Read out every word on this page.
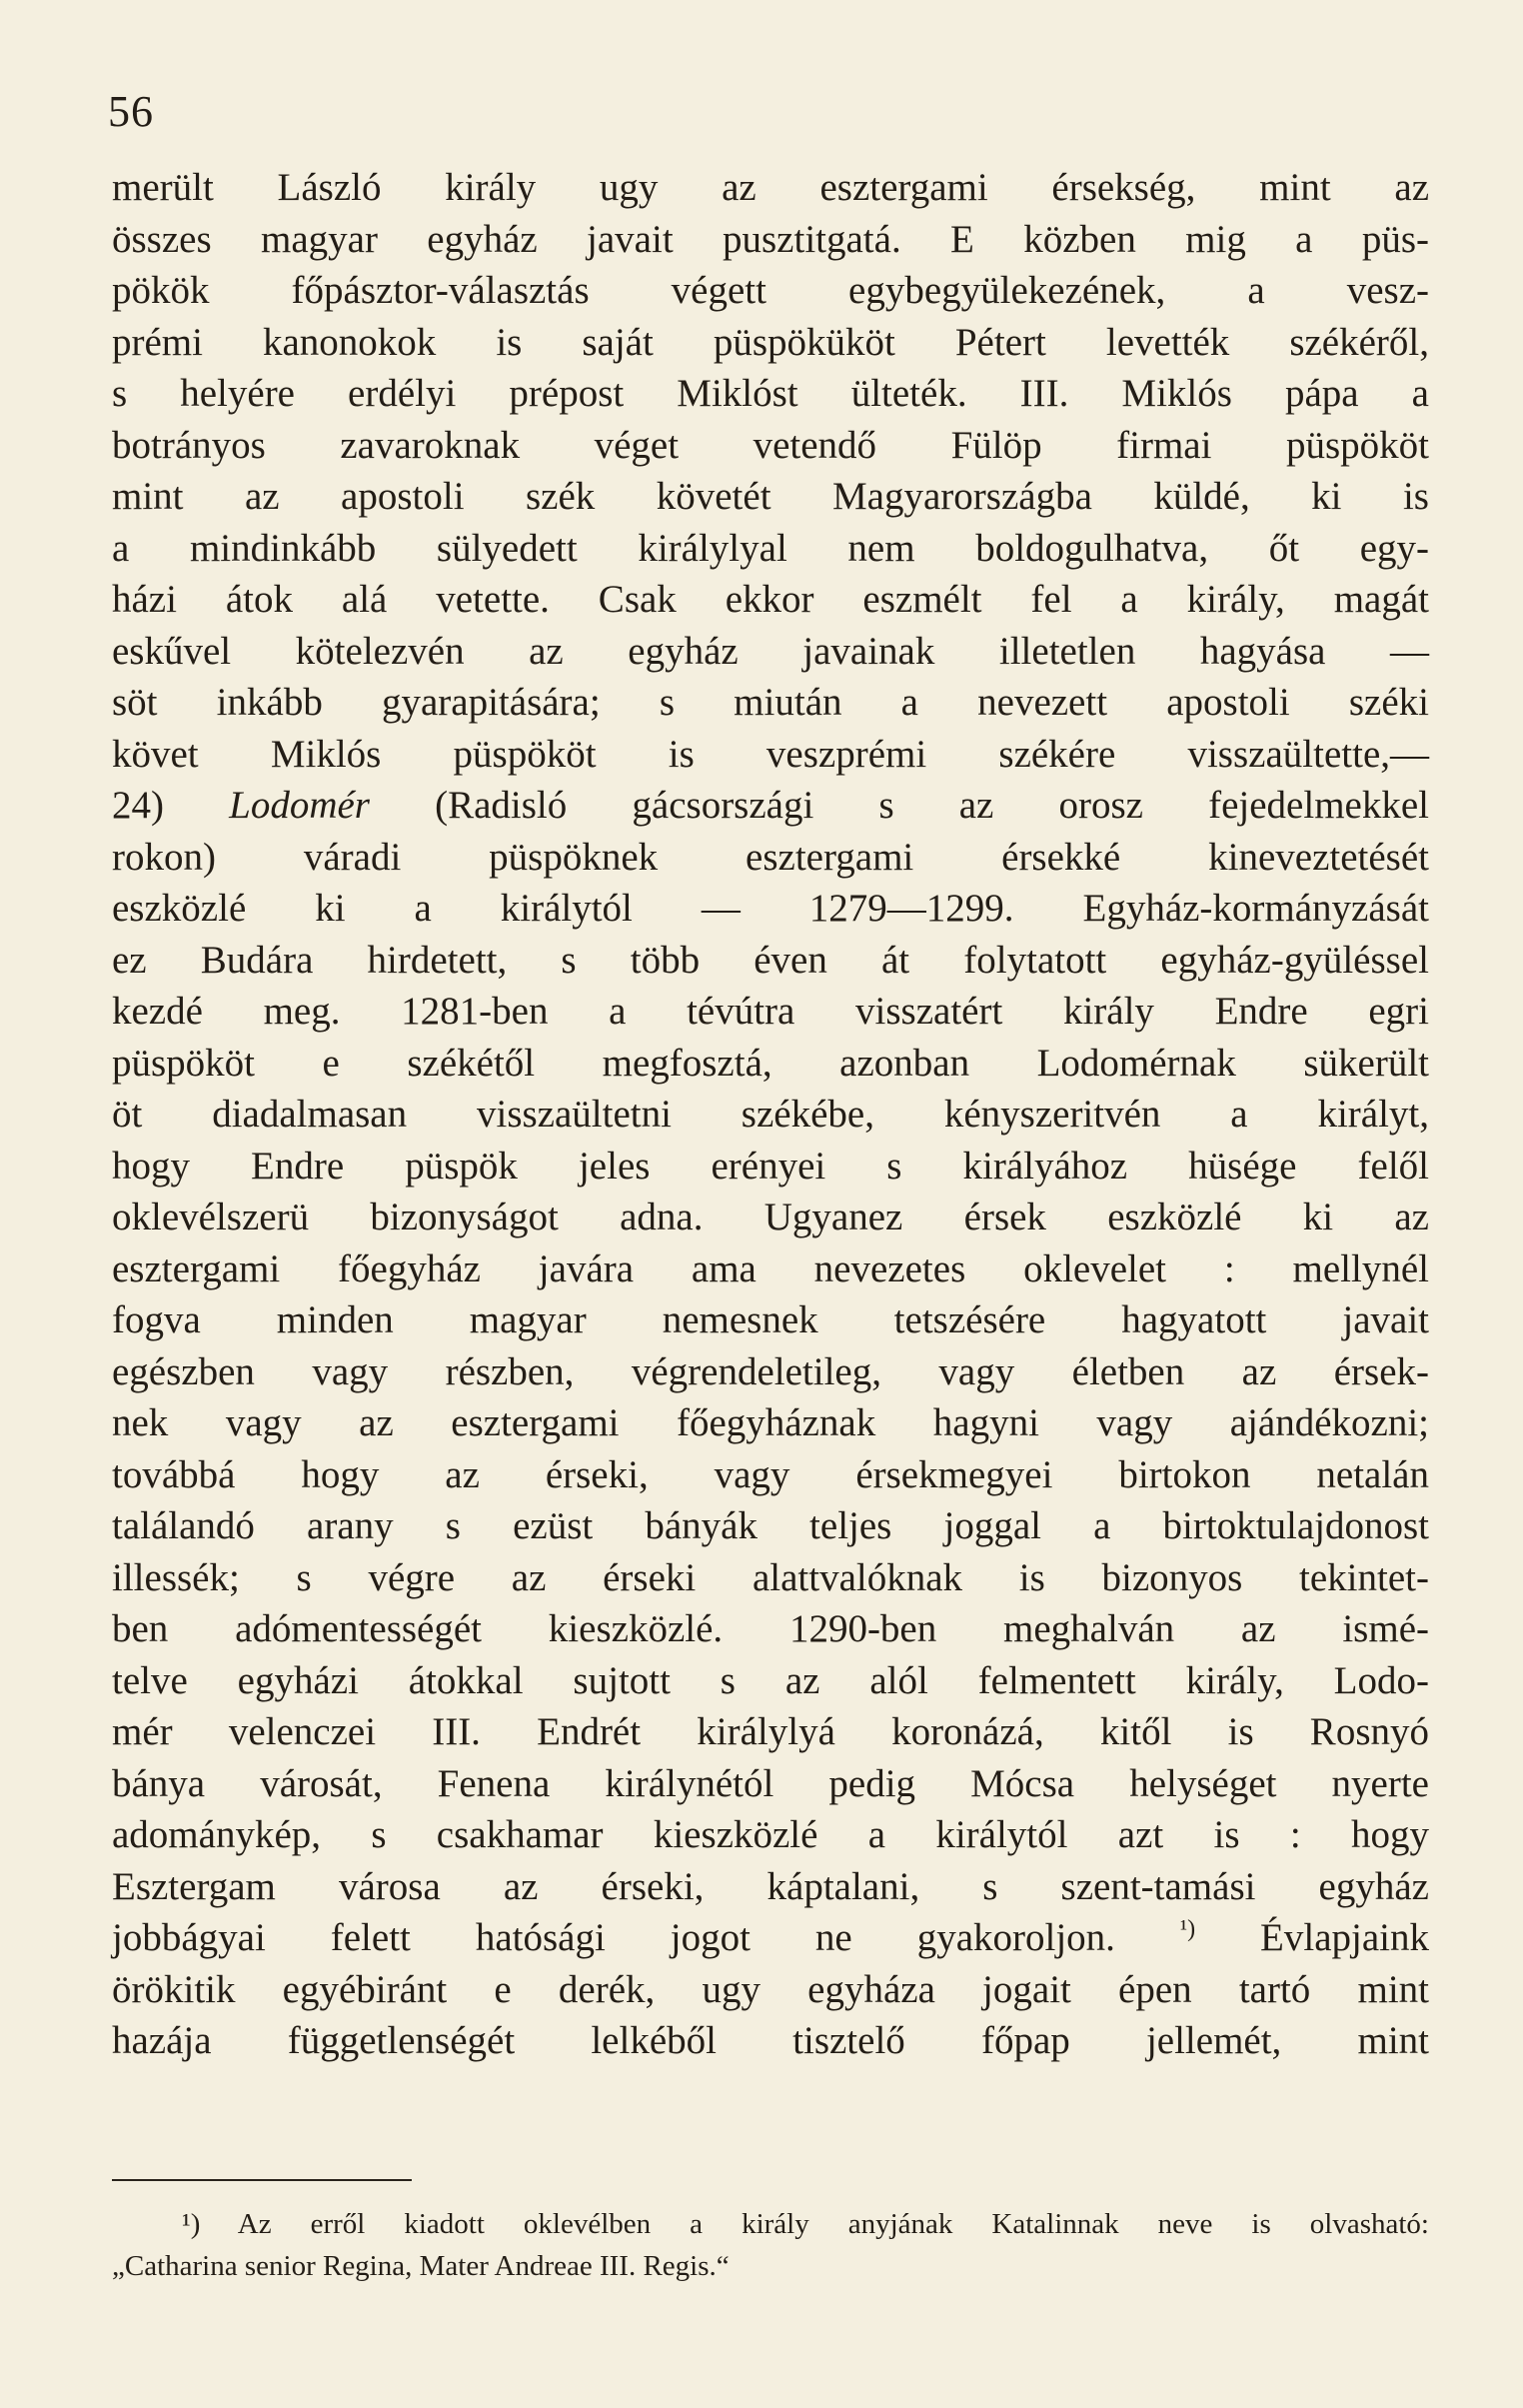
56
merült László király ugy az esztergami érsekség, mint az
összes magyar egyház javait pusztitgatá. E közben mig a püs-
pökök főpásztor-választás végett egybegyülekezének, a vesz-
prémi kanonokok is saját püspöküköt Pétert levették székéről,
s helyére erdélyi prépost Miklóst ülteték. III. Miklós pápa a
botrányos zavaroknak véget vetendő Fülöp firmai püspököt
mint az apostoli szék követét Magyarországba küldé, ki is
a mindinkább sülyedett királylyal nem boldogulhatva, őt egy-
házi átok alá vetette. Csak ekkor eszmélt fel a király, magát
eskűvel kötelezvén az egyház javainak illetetlen hagyása —
söt inkább gyarapitására; s miután a nevezett apostoli széki
követ Miklós püspököt is veszprémi székére visszaültette,—
24) Lodomér (Radisló gácsországi s az orosz fejedelmekkel
rokon) váradi püspöknek esztergami érsekké kineveztetését
eszközlé ki a királytól — 1279—1299. Egyház-kormányzását
ez Budára hirdetett, s több éven át folytatott egyház-gyüléssel
kezdé meg. 1281-ben a tévútra visszatért király Endre egri
püspököt e székétől megfosztá, azonban Lodomérnak sükerült
öt diadalmasan visszaültetni székébe, kényszeritvén a királyt,
hogy Endre püspök jeles erényei s királyához hüsége felől
oklevélszerü bizonyságot adna. Ugyanez érsek eszközlé ki az
esztergami főegyház javára ama nevezetes oklevelet : mellynél
fogva minden magyar nemesnek tetszésére hagyatott javait
egészben vagy részben, végrendeletileg, vagy életben az érsek-
nek vagy az esztergami főegyháznak hagyni vagy ajándékozni;
továbbá hogy az érseki, vagy érsekmegyei birtokon netalán
találandó arany s ezüst bányák teljes joggal a birtoktulajdonost
illessék; s végre az érseki alattvalóknak is bizonyos tekintet-
ben adómentességét kieszközlé. 1290-ben meghalván az ismé-
telve egyházi átokkal sujtott s az alól felmentett király, Lodo-
mér velenczei III. Endrét királylyá koronázá, kitől is Rosnyó
bánya városát, Fenena királynétól pedig Mócsa helységet nyerte
adománykép, s csakhamar kieszközlé a királytól azt is : hogy
Esztergam városa az érseki, káptalani, s szent-tamási egyház
jobbágyai felett hatósági jogot ne gyakoroljon. $^{^1)}$ Évlapjaink
örökitik egyébiránt e derék, ugy egyháza jogait épen tartó mint
hazája függetlenségét lelkéből tisztelő főpap jellemét, mint
¹) Az erről kiadott oklevélben a király anyjának Katalinnak neve is olvasható:
„Catharina senior Regina, Mater Andreae III. Regis.“
